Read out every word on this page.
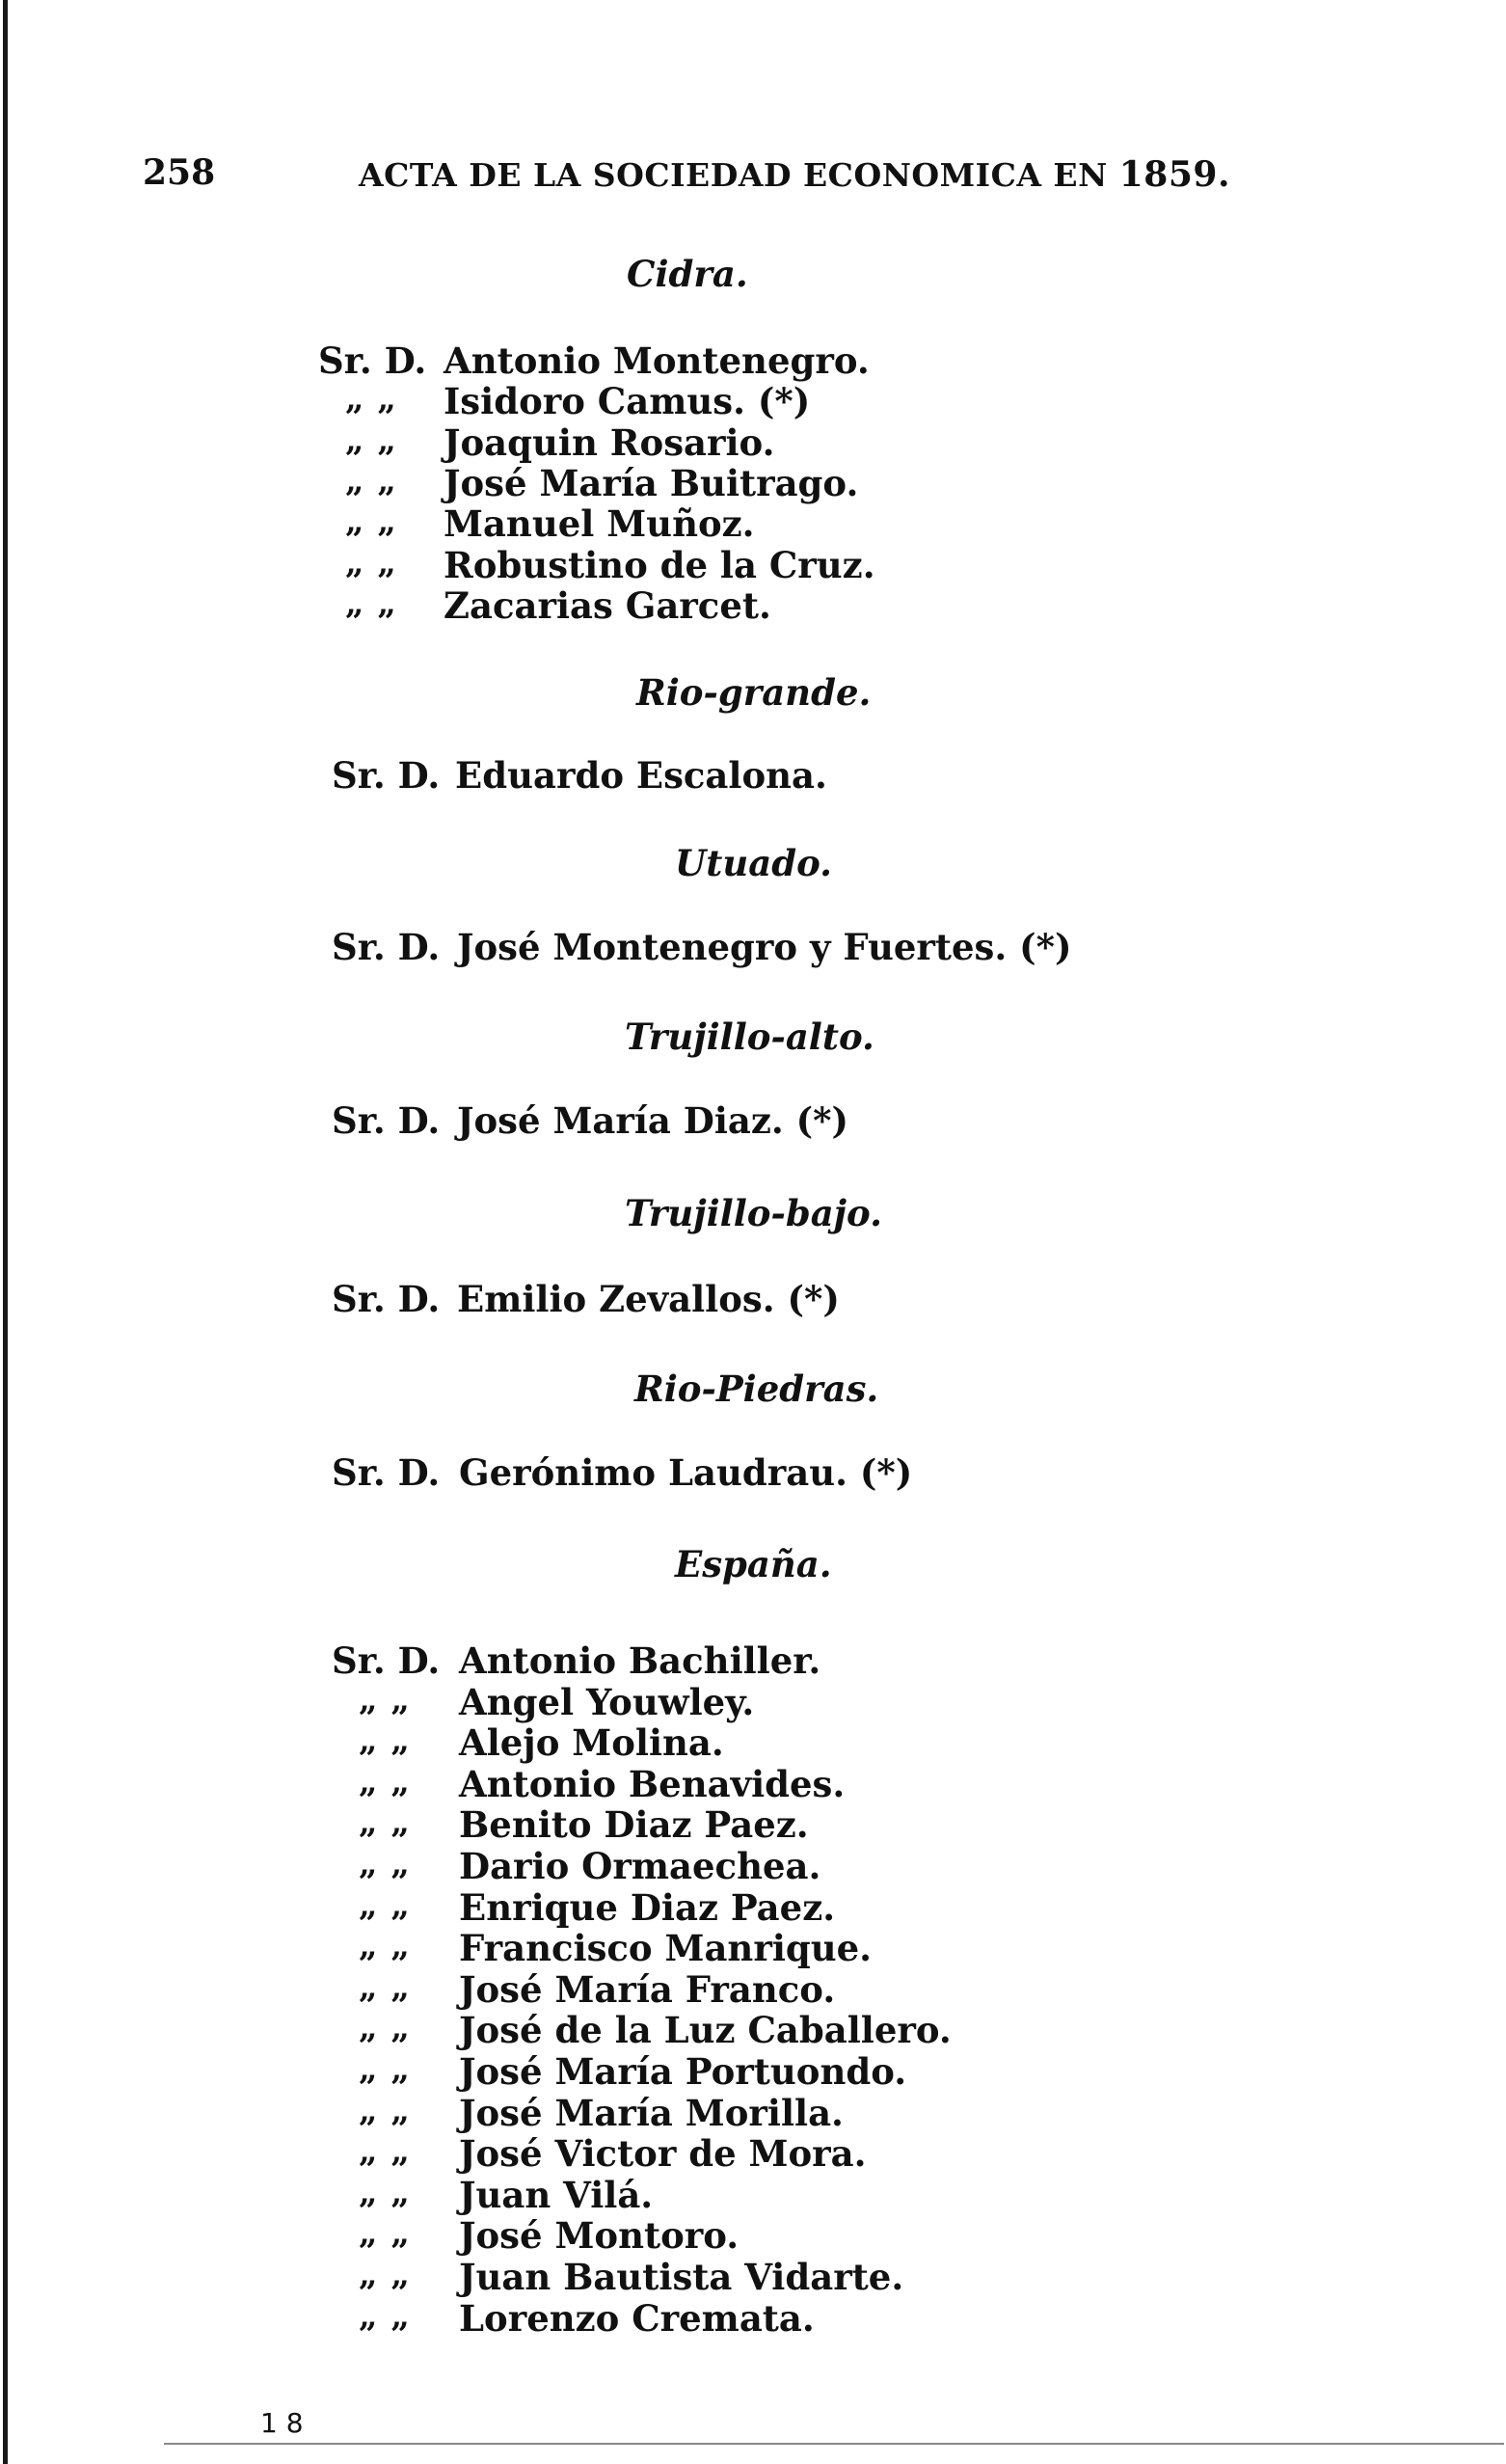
258	ACTA DE LA SOCIEDAD ECONOMICA EN 1859.
Cidra.
Sr. D. Antonio Montenegro.
„ „ Isidoro Camus. (*)
„ „ Joaquin Rosario.
„ „ José María Buitrago.
„ „ Manuel Muñoz.
„ „ Robustino de la Cruz.
„ „ Zacarias Garcet.
Rio-grande.
Sr. D. Eduardo Escalona.
Utuado.
Sr. D. José Montenegro y Fuertes. (*)
Trujillo-alto.
Sr. D. José María Diaz. (*)
Trujillo-bajo.
Sr. D. Emilio Zevallos. (*)
Rio-Piedras.
Sr. D. Gerónimo Laudrau. (*)
España.
Sr. D. Antonio Bachiller.
„ „ Angel Youwley.
„ „ Alejo Molina.
„ „ Antonio Benavides.
„ „ Benito Diaz Paez.
„ „ Dario Ormaechea.
„ „ Enrique Diaz Paez.
„ „ Francisco Manrique.
„ „ José María Franco.
„ „ José de la Luz Caballero.
„ „ José María Portuondo.
„ „ José María Morilla.
„ „ José Victor de Mora.
„ „ Juan Vilá.
„ „ José Montoro.
„ „ Juan Bautista Vidarte.
„ „ Lorenzo Cremata.
1 8
